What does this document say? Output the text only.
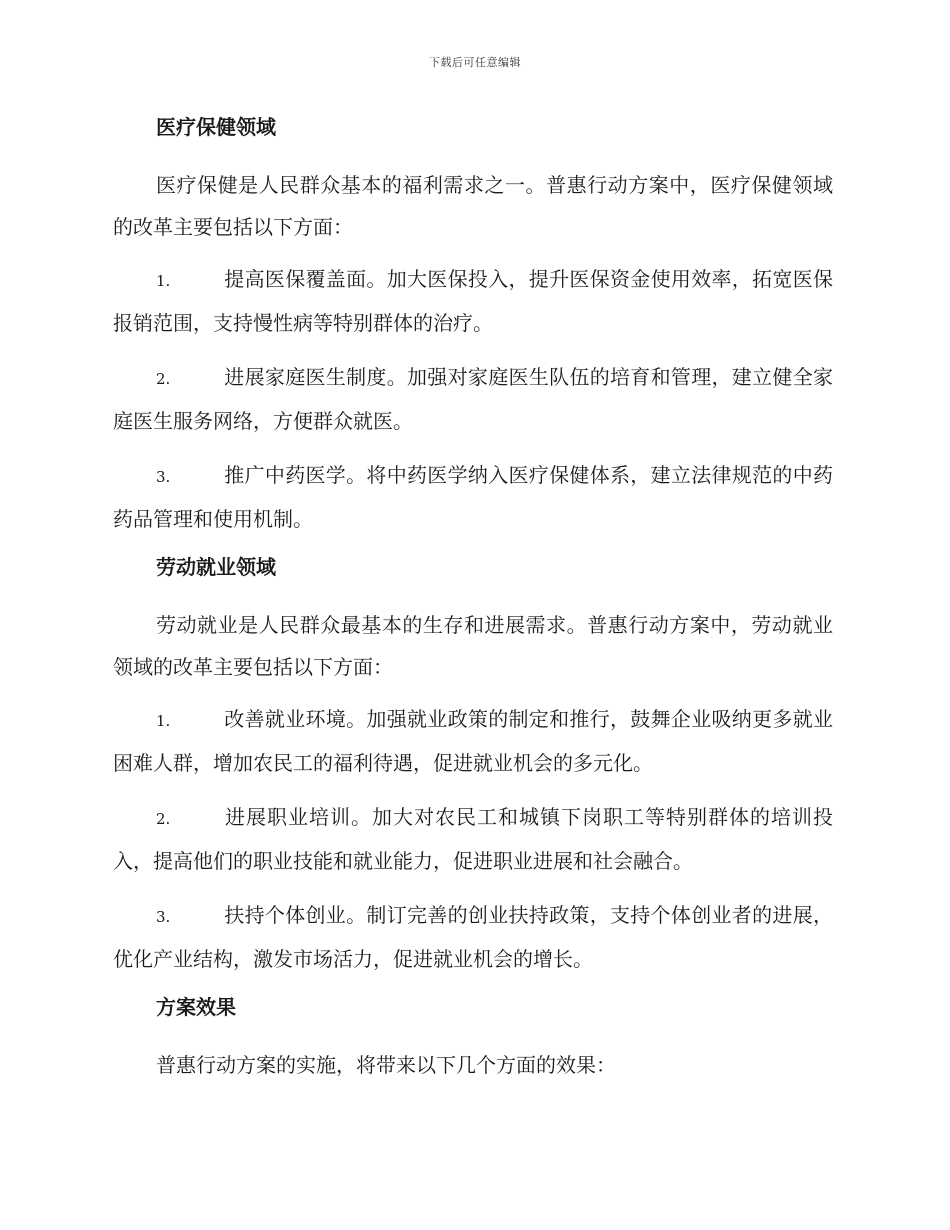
下载后可任意编辑
医疗保健领域

医疗保健是人民群众基本的福利需求之一。普惠行动方案中，医疗保健领域的改革主要包括以下方面：

1.	提高医保覆盖面。加大医保投入，提升医保资金使用效率，拓宽医保报销范围，支持慢性病等特别群体的治疗。

2.	进展家庭医生制度。加强对家庭医生队伍的培育和管理，建立健全家庭医生服务网络，方便群众就医。

3.	推广中药医学。将中药医学纳入医疗保健体系，建立法律规范的中药药品管理和使用机制。

劳动就业领域

劳动就业是人民群众最基本的生存和进展需求。普惠行动方案中，劳动就业领域的改革主要包括以下方面：

1.	改善就业环境。加强就业政策的制定和推行，鼓舞企业吸纳更多就业困难人群，增加农民工的福利待遇，促进就业机会的多元化。

2.	进展职业培训。加大对农民工和城镇下岗职工等特别群体的培训投入，提高他们的职业技能和就业能力，促进职业进展和社会融合。

3.	扶持个体创业。制订完善的创业扶持政策，支持个体创业者的进展，优化产业结构，激发市场活力，促进就业机会的增长。

方案效果

普惠行动方案的实施，将带来以下几个方面的效果：
